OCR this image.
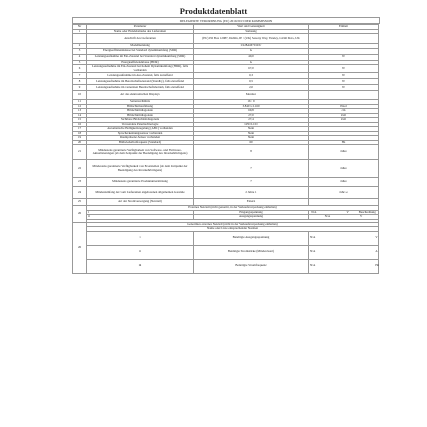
Produktdatenblatt
DELEGIERTE VERORDNUNG (EU) 2019/2013 DER KOMMISSION
Nr	Parameter	Wert und Genauigkeit	Einheit
1	Name oder Handelsmarke des Lieferanten	Samsung	
	Anschrift des Lieferanten	(EU) PO Box 12987, Dublin, IE / (UK) Saxony Way, Yateley, GU46 6GG, UK	
2	Modellkennung	LS28AM701UU	
3	Energieeffizienzklasse bei Standard dynamikumfang (SDR)	G	
4	Leistungsaufnahme im Ein-Zustand bei Standard dynamikumfang (SDR)	40,0	W
5	Energieeffizienzklasse (HDR)	G	
6	Leistungsaufnahme im Ein-Zustand bei hohem Dynamikumfang (HDR), falls vorhanden	67,0	W
7	Leistungsaufnahme im Aus-Zustand, falls zutreffend	0,3	W
8	Leistungsaufnahme im Bereitschaftszustand (Standby), falls zutreffend	0,5	W
9	Leistungsaufnahme im vernetzten Bereitschaftsbetrieb, falls zutreffend	2,0	W
10	Art des elektronischen Displays	Monitor	
11	Seitenverhältnis	16 : 9	
12	Bildschirmauflösung	3.840 x 2.160	Pixel
13	Bildschirmdiagonale	69,8	cm
14	Bildschirmdiagonale	27,0	Zoll
15	Sichtbare Bildschirmdiagonale	27,4	Zoll
16	Verwendete Paneltechnologie	LED LCD	
17	Automatische Helligkeitsregelung (ABC) vorhanden	Nein	
18	Spracherkennungssensor vorhanden	Nein	
19	Raumpräsenz-Sensor vorhanden	Nein	
20	Bildwiederholfrequenz (Standard)	60	Hz
21	Mindestens garantierte Verfügbarkeit von Software- und Firmware-Aktualisierungen (ab dem Zeitpunkt der Beendigung des Inverkehrbringens)	8	Jahre
22	Mindestens garantierte Verfügbarkeit von Ersatzteilen (ab dem Zeitpunkt der Beendigung des Inverkehrbringens)	7	Jahre
23	Mindestens garantierte Produktunterstützung	7	Jahre
24	Mindestumfang der vom Lieferanten angebotenen allgemeinen Garantie	2 Jahre 1	Jahr/-e
25	Art der Stromversorgung (Netzteil)	Extern	
26	Externes Netzteil (nicht genormt, in der Verkaufsverpackung enthalten)		
	i	Eingangsspannung	N/A V Beschreibung
	ii	Ausgangsspannung	N/A V

26	Genormtes externes Netzteil (nicht in der Verkaufsverpackung enthalten)		
	Name oder Liste entsprechender Normen		
	i	Benötigte Ausgangsspannung	N/A V
	ii	Benötigte Stromstärke (Mindestwert)	N/A A
	iii	Benötigte Stromfrequenz	N/A Hz
